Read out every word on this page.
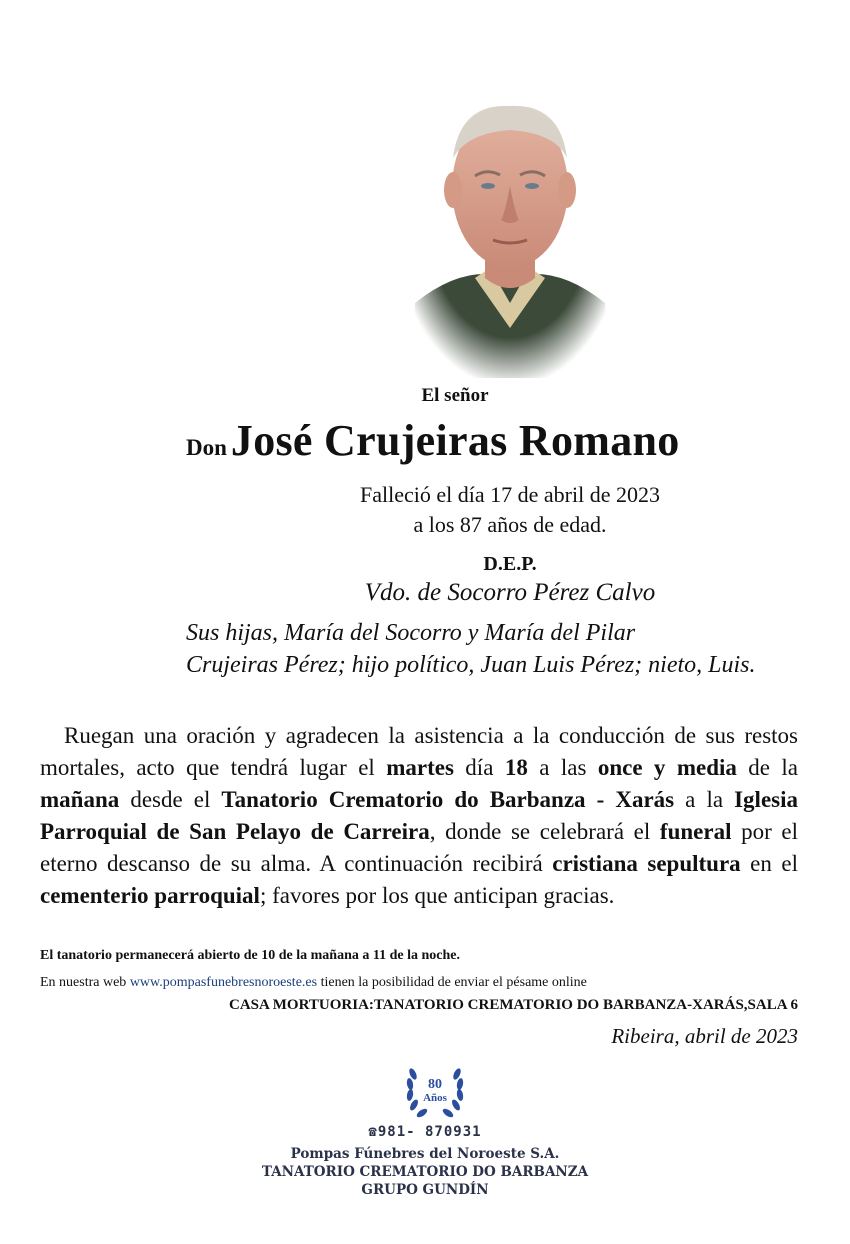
El señor
Don José Crujeiras Romano
Falleció el día 17 de abril de 2023
a los 87 años de edad.
D.E.P.
Vdo. de Socorro Pérez Calvo
Sus hijas, María del Socorro y María del Pilar
Crujeiras Pérez; hijo político, Juan Luis Pérez; nieto, Luis.
Ruegan una oración y agradecen la asistencia a la conducción de sus restos mortales, acto que tendrá lugar el martes día 18 a las once y media de la mañana desde el Tanatorio Crematorio do Barbanza - Xarás a la Iglesia Parroquial de San Pelayo de Carreira, donde se celebrará el funeral por el eterno descanso de su alma. A continuación recibirá cristiana sepultura en el cementerio parroquial; favores por los que anticipan gracias.
El tanatorio permanecerá abierto de 10 de la mañana a 11 de la noche.
En nuestra web www.pompasfunebresnoroeste.es tienen la posibilidad de enviar el pésame online
CASA MORTUORIA:TANATORIO CREMATORIO DO BARBANZA-XARÁS,SALA 6
Ribeira, abril de 2023
80
Años
☎981- 870931
Pompas Fúnebres del Noroeste S.A.
TANATORIO CREMATORIO DO BARBANZA
GRUPO GUNDÍN
